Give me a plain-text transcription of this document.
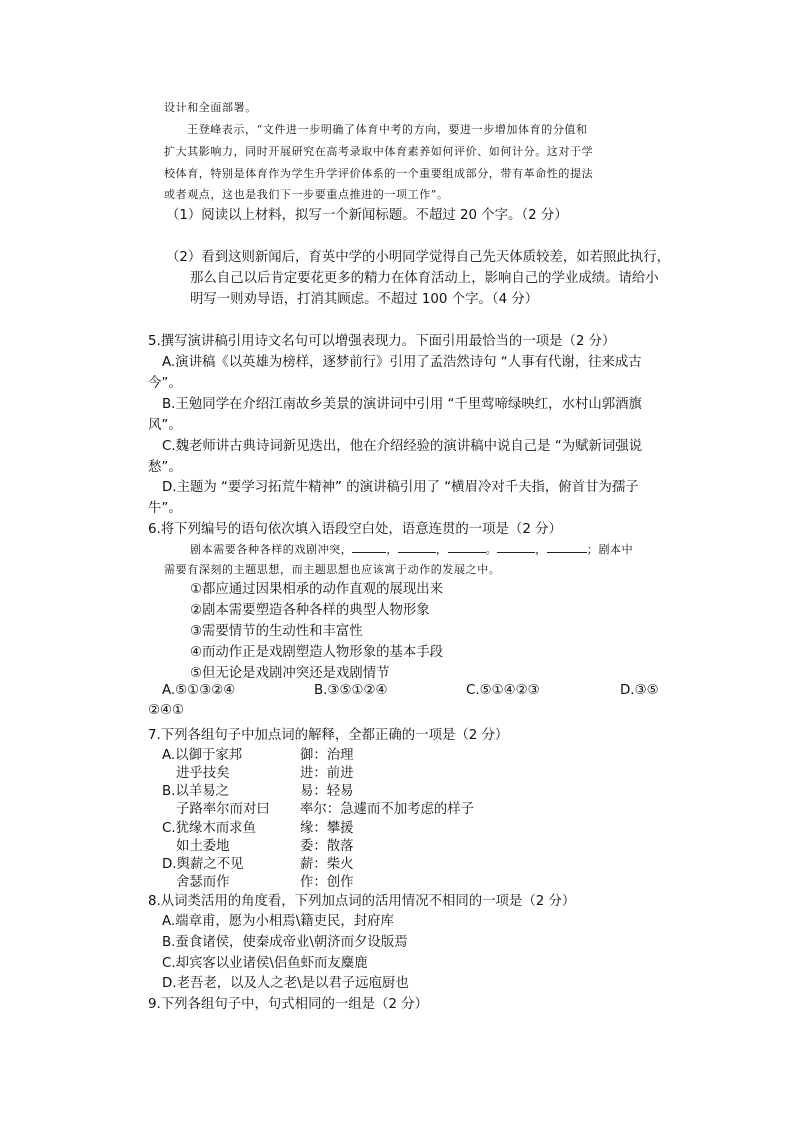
设计和全面部署。
王登峰表示，“文件进一步明确了体育中考的方向，要进一步增加体育的分值和
扩大其影响力，同时开展研究在高考录取中体育素养如何评价、如何计分。这对于学
校体育，特别是体育作为学生升学评价体系的一个重要组成部分，带有革命性的提法
或者观点，这也是我们下一步要重点推进的一项工作”。
（1）阅读以上材料，拟写一个新闻标题。不超过 20 个字。（2 分）
（2）看到这则新闻后，育英中学的小明同学觉得自己先天体质较差，如若照此执行，
那么自己以后肯定要花更多的精力在体育活动上，影响自己的学业成绩。请给小
明写一则劝导语，打消其顾虑。不超过 100 个字。（4 分）
5.撰写演讲稿引用诗文名句可以增强表现力。下面引用最恰当的一项是（2 分）
A.演讲稿《以英雄为榜样，逐梦前行》引用了孟浩然诗句 “人事有代谢，往来成古
今”。
B.王勉同学在介绍江南故乡美景的演讲词中引用 “千里莺啼绿映红，水村山郭酒旗
风”。
C.魏老师讲古典诗词新见迭出，他在介绍经验的演讲稿中说自己是 “为赋新词强说
愁”。
D.主题为 “要学习拓荒牛精神” 的演讲稿引用了 “横眉冷对千夫指，俯首甘为孺子
牛”。
6.将下列编号的语句依次填入语段空白处，语意连贯的一项是（2 分）
剧本需要各种各样的戏剧冲突，	，	，	。	，	；剧本中
需要有深刻的主题思想，而主题思想也应该寓于动作的发展之中。
①都应通过因果相承的动作直观的展现出来
②剧本需要塑造各种各样的典型人物形象
③需要情节的生动性和丰富性
④而动作正是戏剧塑造人物形象的基本手段
⑤但无论是戏剧冲突还是戏剧情节
A.⑤①③②④	B.③⑤①②④	C.⑤①④②③	D.③⑤
②④①
7.下列各组句子中加点词的解释，全都正确的一项是（2 分）
A.以御于家邦	御：治理
进乎技矣	进：前进
B.以羊易之	易：轻易
子路率尔而对曰 率尔：急遽而不加考虑的样子
C.犹缘木而求鱼	缘：攀援
如土委地	委：散落
D.舆薪之不见	薪：柴火
舍瑟而作	作：创作
8.从词类活用的角度看，下列加点词的活用情况不相同的一项是（2 分）
A.端章甫，愿为小相焉\籍吏民，封府库
B.蚕食诸侯，使秦成帝业\朝济而夕设版焉
C.却宾客以业诸侯\侣鱼虾而友麋鹿
D.老吾老，以及人之老\是以君子远庖厨也
9.下列各组句子中，句式相同的一组是（2 分）
